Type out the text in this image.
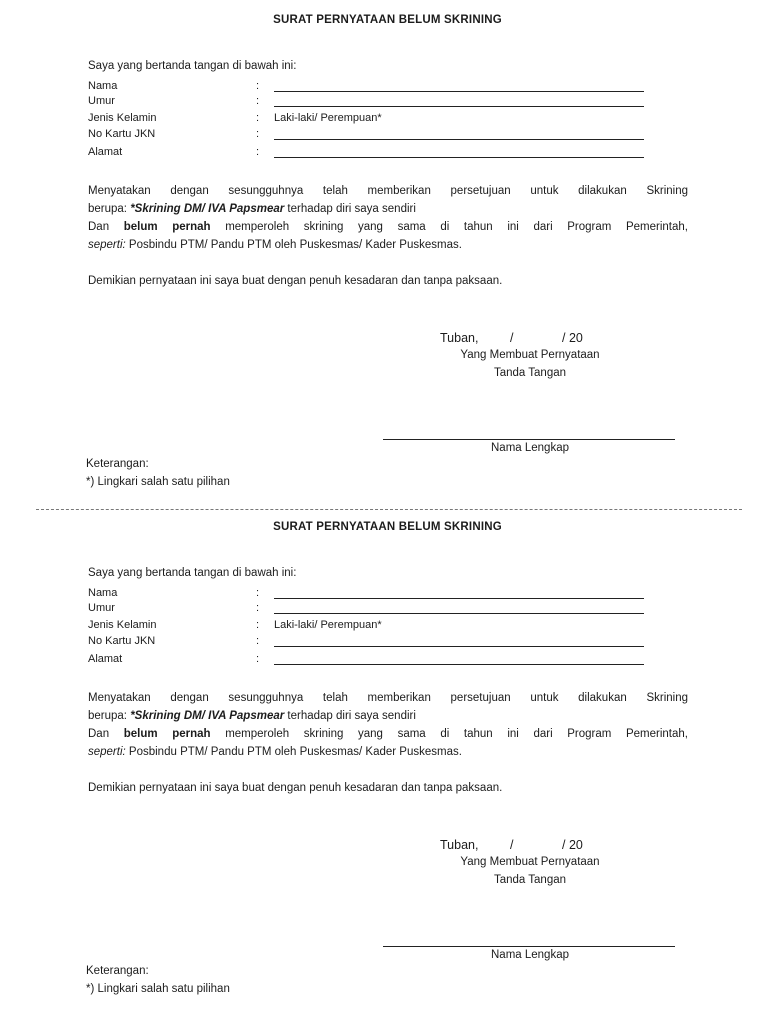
SURAT PERNYATAAN BELUM SKRINING
Saya yang bertanda tangan di bawah ini:
Nama	:
Umur	:
Jenis Kelamin	: Laki-laki/ Perempuan*
No Kartu JKN	:
Alamat	:
Menyatakan dengan sesungguhnya telah memberikan persetujuan untuk dilakukan Skrining
berupa: *Skrining DM/ IVA Papsmear terhadap diri saya sendiri

Dan belum pernah memperoleh skrining yang sama di tahun ini dari Program Pemerintah,
seperti: Posbindu PTM/ Pandu PTM oleh Puskesmas/ Kader Puskesmas.
Demikian pernyataan ini saya buat dengan penuh kesadaran dan tanpa paksaan.
Tuban,	/	/ 20
Yang Membuat Pernyataan
Tanda Tangan
Nama Lengkap
Keterangan:
*) Lingkari salah satu pilihan
SURAT PERNYATAAN BELUM SKRINING
Saya yang bertanda tangan di bawah ini:
Nama	:
Umur	:
Jenis Kelamin	: Laki-laki/ Perempuan*
No Kartu JKN	:
Alamat	:
Menyatakan dengan sesungguhnya telah memberikan persetujuan untuk dilakukan Skrining
berupa: *Skrining DM/ IVA Papsmear terhadap diri saya sendiri

Dan belum pernah memperoleh skrining yang sama di tahun ini dari Program Pemerintah,
seperti: Posbindu PTM/ Pandu PTM oleh Puskesmas/ Kader Puskesmas.
Demikian pernyataan ini saya buat dengan penuh kesadaran dan tanpa paksaan.
Tuban,	/	/ 20
Yang Membuat Pernyataan
Tanda Tangan
Nama Lengkap
Keterangan:
*) Lingkari salah satu pilihan
